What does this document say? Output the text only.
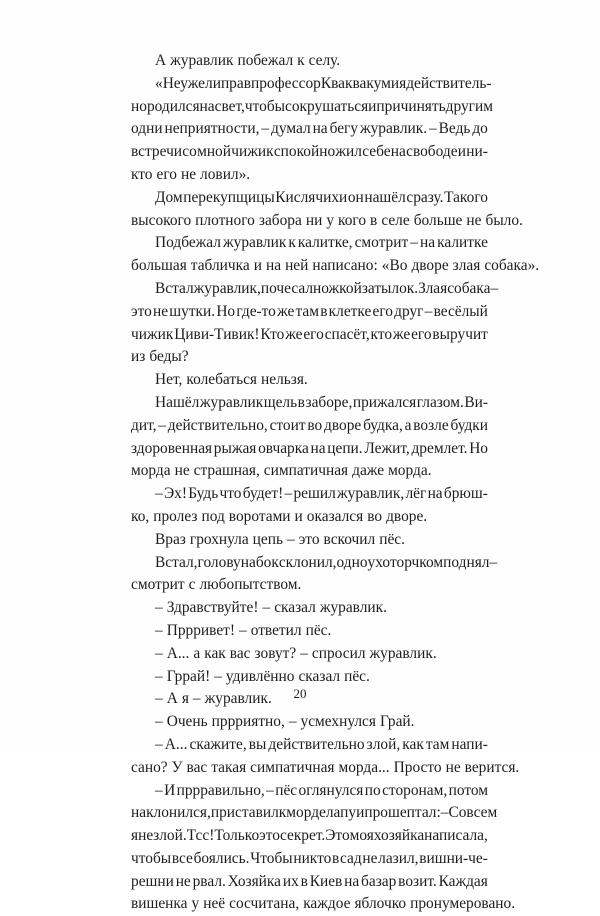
А журавлик побежал к селу.
«Неужели прав профессор Кваквакум и я действитель-
но родился на свет, чтобы сокрушаться и причинять другим
одни неприятности, – думал на бегу журавлик. – Ведь до
встречи со мной чижик спокойно жил себе на свободе и ни-
кто его не ловил».
Дом перекупщицы Кислячихи он нашёл сразу. Такого
высокого плотного забора ни у кого в селе больше не было.
Подбежал журавлик к калитке, смотрит – на калитке
большая табличка и на ней написано: «Во дворе злая собака».
Встал журавлик, почесал ножкой затылок. Злая собака –
это не шутки. Но где-то же там в клетке его друг – весёлый
чижик Циви-Тивик! Кто же его спасёт, кто же его выручит
из беды?
Нет, колебаться нельзя.
Нашёл журавлик щель в заборе, прижался глазом. Ви-
дит, – действительно, стоит во дворе будка, а возле будки
здоровенная рыжая овчарка на цепи. Лежит, дремлет. Но
морда не страшная, симпатичная даже морда.
– Эх! Будь что будет! – решил журавлик, лёг на брюш-
ко, пролез под воротами и оказался во дворе.
Враз грохнула цепь – это вскочил пёс.
Встал, голову набок склонил, одно ухо торчком поднял –
смотрит с любопытством.
– Здравствуйте! – сказал журавлик.
– Пррривет! – ответил пёс.
– А... а как вас зовут? – спросил журавлик.
– Гррай! – удивлённо сказал пёс.
– А я – журавлик.
– Очень пррриятно, – усмехнулся Грай.
– А... скажите, вы действительно злой, как там напи-
сано? У вас такая симпатичная морда... Просто не верится.
– И пррравильно, – пёс оглянулся по сторонам, потом
наклонился, приставил к морде лапу и прошептал: – Совсем
я не злой. Тсс! Только это секрет. Это моя хозяйка написала,
чтобы все боялись. Чтобы никто в сад не лазил, вишни-че-
решни не рвал. Хозяйка их в Киев на базар возит. Каждая
вишенка у неё сосчитана, каждое яблочко пронумеровано.
20
